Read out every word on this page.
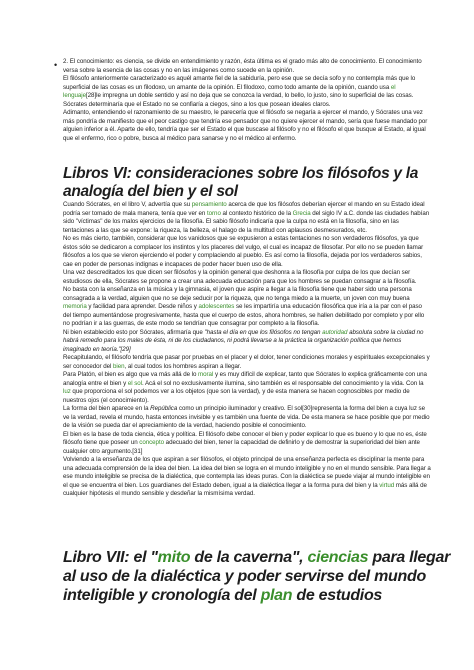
• 2. El conocimiento: es ciencia, se divide en entendimiento y razón, ésta última es el grado más alto de conocimiento. El conocimiento versa sobre la esencia de las cosas y no en las imágenes como sucede en la opinión.

El filósofo anteriormente caracterizado es aquél amante fiel de la sabiduría, pero ese que se decía sofo y no contempla más que lo superficial de las cosas es un filodoxo, un amante de la opinión. El filodoxo, como todo amante de la opinión, cuando usa el lenguaje[28]le impregna un doble sentido y así no deja que se conozca la verdad, lo bello, lo justo, sino lo superficial de las cosas.

Sócrates determinaría que el Estado no se confiaría a ciegos, sino a los que posean ideales claros.

Adimanto, entendiendo el razonamiento de su maestro, le parecería que el filósofo se negaría a ejercer el mando, y Sócrates una vez más pondría de manifiesto que el peor castigo que tendría ese pensador que no quiere ejercer el mando, sería que fuese mandado por alguien inferior a él. Aparte de ello, tendría que ser el Estado el que buscase al filósofo y no el filósofo el que busque al Estado, al igual que el enfermo, rico o pobre, busca al médico para sanarse y no el médico al enfermo.

Libros VI: consideraciones sobre los filósofos y la analogía del bien y el sol

Cuando Sócrates, en el libro V, advertía que su pensamiento acerca de que los filósofos deberían ejercer el mando en su Estado ideal podría ser tomado de mala manera, tenía que ver en torno al contexto histórico de la Grecia del siglo IV a.C. donde las ciudades habían sido "víctimas" de los malos ejercicios de la filosofía. El sabio filósofo indicaría que la culpa no está en la filosofía, sino en las tentaciones a las que se expone: la riqueza, la belleza, el halago de la multitud con aplausos desmesurados, etc.

No es más cierto, también, considerar que los vanidosos que se expusieron a estas tentaciones no son verdaderos filósofos, ya que éstos sólo se dedicaron a complacer los instintos y los placeres del vulgo, el cual es incapaz de filosofar. Por ello no se pueden llamar filósofos a los que se vieron ejerciendo el poder y complaciendo al pueblo. Es así como la filosofía, dejada por los verdaderos sabios, cae en poder de personas indignas e incapaces de poder hacer buen uso de ella.

Una vez descreditados los que dicen ser filósofos y la opinión general que deshonra a la filosofía por culpa de los que decían ser estudiosos de ella, Sócrates se propone a crear una adecuada educación para que los hombres se puedan consagrar a la filosofía.

No basta con la enseñanza en la música y la gimnasia, el joven que aspire a llegar a la filosofía tiene que haber sido una persona consagrada a la verdad, alguien que no se deje seducir por la riqueza, que no tenga miedo a la muerte, un joven con muy buena memoria y facilidad para aprender. Desde niños y adolescentes se les impartiría una educación filosófica que iría a la par con el paso del tiempo aumentándose progresivamente, hasta que el cuerpo de estos, ahora hombres, se hallen debilitado por completo y por ello no podrían ir a las guerras, de este modo se tendrían que consagrar por completo a la filosofía.

Ni bien establecido esto por Sócrates, afirmaría que "hasta el día en que los filósofos no tengan autoridad absoluta sobre la ciudad no habrá remedio para los males de ésta, ni de los ciudadanos, ni podrá llevarse a la práctica la organización política que hemos imaginado en teoría."[29]

Recapitulando, el filósofo tendría que pasar por pruebas en el placer y el dolor, tener condiciones morales y espirituales excepcionales y ser conocedor del bien, al cual todos los hombres aspiran a llegar.

Para Platón, el bien es algo que va más allá de lo moral y es muy difícil de explicar, tanto que Sócrates lo explica gráficamente con una analogía entre el bien y el sol. Acá el sol no exclusivamente ilumina, sino también es el responsable del conocimiento y la vida. Con la luz que proporciona el sol podemos ver a los objetos (que son la verdad), y de esta manera se hacen cognoscibles por medio de nuestros ojos (el conocimiento).

La forma del bien aparece en la República como un principio iluminador y creativo. El sol[30]representa la forma del bien a cuya luz se ve la verdad, revela el mundo, hasta entonces invisible y es también una fuente de vida. De esta manera se hace posible que por medio de la visión se pueda dar el apreciamiento de la verdad, haciendo posible el conocimiento.

El bien es la base de toda ciencia, ética y política. El filósofo debe conocer el bien y poder explicar lo que es bueno y lo que no es, éste filósofo tiene que poseer un concepto adecuado del bien, tener la capacidad de definirlo y de demostrar la superioridad del bien ante cualquier otro argumento.[31]

Volviendo a la enseñanza de los que aspiran a ser filósofos, el objeto principal de una enseñanza perfecta es disciplinar la mente para una adecuada comprensión de la idea del bien. La idea del bien se logra en el mundo inteligible y no en el mundo sensible. Para llegar a ese mundo inteligible se precisa de la dialéctica, que contempla las ideas puras. Con la dialéctica se puede viajar al mundo inteligible en el que se encuentra el bien. Los guardianes del Estado deben, igual a la dialéctica llegar a la forma pura del bien y la virtud más allá de cualquier hipótesis el mundo sensible y desdeñar la mismísima verdad.

Libro VII: el "mito de la caverna", ciencias para llegar al uso de la dialéctica y poder servirse del mundo inteligible y cronología del plan de estudios
